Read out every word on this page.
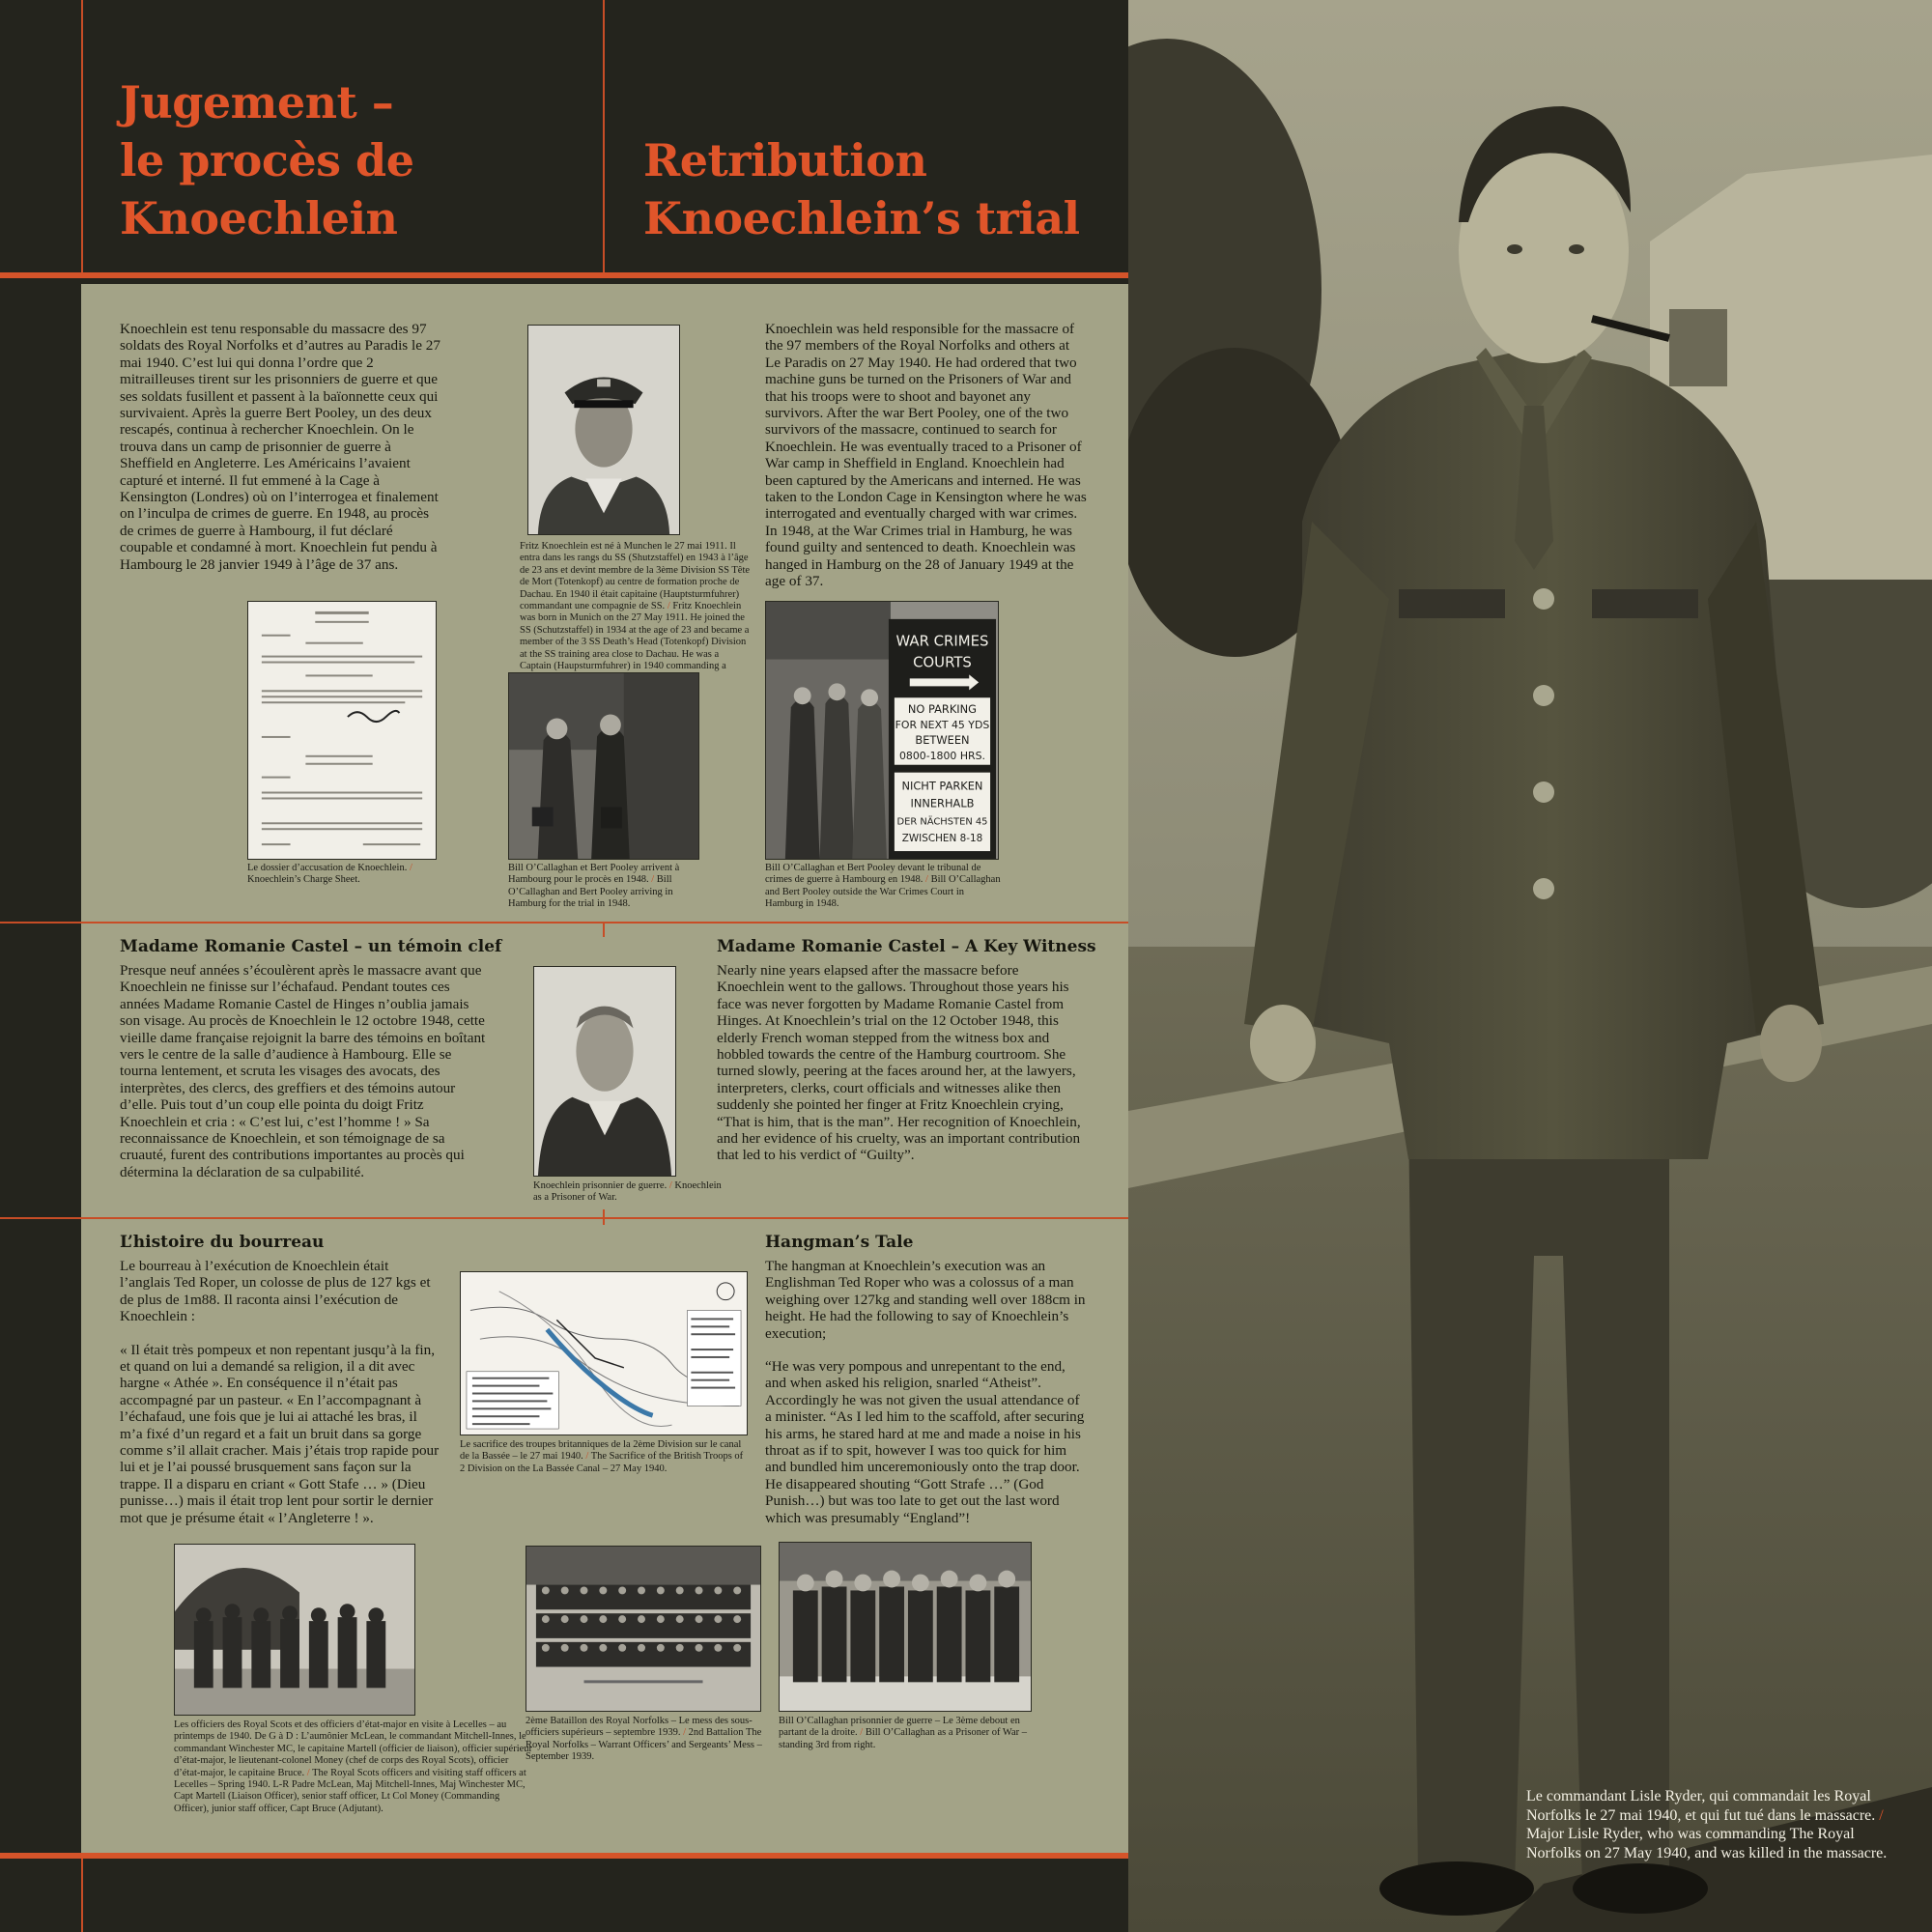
Jugement –
le procès de
Knoechlein
Retribution
Knoechlein’s trial
Knoechlein est tenu responsable du massacre des 97 soldats des Royal Norfolks et d’autres au Paradis le 27 mai 1940. C’est lui qui donna l’ordre que 2 mitrailleuses tirent sur les prisonniers de guerre et que ses soldats fusillent et passent à la baïonnette ceux qui survivaient. Après la guerre Bert Pooley, un des deux rescapés, continua à rechercher Knoechlein. On le trouva dans un camp de prisonnier de guerre à Sheffield en Angleterre. Les Américains l’avaient capturé et interné. Il fut emmené à la Cage à Kensington (Londres) où on l’interrogea et finalement on l’inculpa de crimes de guerre. En 1948, au procès de crimes de guerre à Hambourg, il fut déclaré coupable et condamné à mort. Knoechlein fut pendu à Hambourg le 28 janvier 1949 à l’âge de 37 ans.
Knoechlein was held responsible for the massacre of the 97 members of the Royal Norfolks and others at Le Paradis on 27 May 1940. He had ordered that two machine guns be turned on the Prisoners of War and that his troops were to shoot and bayonet any survivors. After the war Bert Pooley, one of the two survivors of the massacre, continued to search for Knoechlein. He was eventually traced to a Prisoner of War camp in Sheffield in England. Knoechlein had been captured by the Americans and interned. He was taken to the London Cage in Kensington where he was interrogated and eventually charged with war crimes. In 1948, at the War Crimes trial in Hamburg, he was found guilty and sentenced to death. Knoechlein was hanged in Hamburg on the 28 of January 1949 at the age of 37.
Fritz Knoechlein est né à Munchen le 27 mai 1911. Il entra dans les rangs du SS (Shutzstaffel) en 1943 à l’âge de 23 ans et devint membre de la 3ème Division SS Tête de Mort (Totenkopf) au centre de formation proche de Dachau. En 1940 il était capitaine (Hauptsturmfuhrer) commandant une compagnie de SS. / Fritz Knoechlein was born in Munich on the 27 May 1911. He joined the SS (Schutzstaffel) in 1934 at the age of 23 and became a member of the 3 SS Death’s Head (Totenkopf) Division at the SS training area close to Dachau. He was a Captain (Haupsturmfuhrer) in 1940 commanding a
Le dossier d’accusation de Knoechlein. / Knoechlein’s Charge Sheet.
Bill O’Callaghan et Bert Pooley arrivent à Hambourg pour le procès en 1948. / Bill O’Callaghan and Bert Pooley arriving in Hamburg for the trial in 1948.
WAR CRIMES
COURTS
NO PARKING
FOR NEXT 45 YDS
BETWEEN
0800-1800 HRS.
NICHT PARKEN
INNERHALB
DER NÄCHSTEN 45
ZWISCHEN 8-18
Bill O’Callaghan et Bert Pooley devant le tribunal de crimes de guerre à Hambourg en 1948. / Bill O’Callaghan and Bert Pooley outside the War Crimes Court in Hamburg in 1948.
Madame Romanie Castel – un témoin clef	Madame Romanie Castel – A Key Witness
Presque neuf années s’écoulèrent après le massacre avant que Knoechlein ne finisse sur l’échafaud. Pendant toutes ces années Madame Romanie Castel de Hinges n’oublia jamais son visage. Au procès de Knoechlein le 12 octobre 1948, cette vieille dame française rejoignit la barre des témoins en boîtant vers le centre de la salle d’audience à Hambourg. Elle se tourna lentement, et scruta les visages des avocats, des interprètes, des clercs, des greffiers et des témoins autour d’elle. Puis tout d’un coup elle pointa du doigt Fritz Knoechlein et cria : « C’est lui, c’est l’homme ! » Sa reconnaissance de Knoechlein, et son témoignage de sa cruauté, furent des contributions importantes au procès qui détermina la déclaration de sa culpabilité.
Nearly nine years elapsed after the massacre before Knoechlein went to the gallows. Throughout those years his face was never forgotten by Madame Romanie Castel from Hinges. At Knoechlein’s trial on the 12 October 1948, this elderly French woman stepped from the witness box and hobbled towards the centre of the Hamburg courtroom. She turned slowly, peering at the faces around her, at the lawyers, interpreters, clerks, court officials and witnesses alike then suddenly she pointed her finger at Fritz Knoechlein crying, “That is him, that is the man”. Her recognition of Knoechlein, and her evidence of his cruelty, was an important contribution that led to his verdict of “Guilty”.
Knoechlein prisonnier de guerre. / Knoechlein as a Prisoner of War.
L’histoire du bourreau	Hangman’s Tale

Le bourreau à l’exécution de Knoechlein était l’anglais Ted Roper, un colosse de plus de 127 kgs et de plus de 1m88. Il raconta ainsi l’exécution de Knoechlein :

« Il était très pompeux et non repentant jusqu’à la fin, et quand on lui a demandé sa religion, il a dit avec hargne « Athée ». En conséquence il n’était pas accompagné par un pasteur. « En l’accompagnant à l’échafaud, une fois que je lui ai attaché les bras, il m’a fixé d’un regard et a fait un bruit dans sa gorge comme s’il allait cracher. Mais j’étais trop rapide pour lui et je l’ai poussé brusquement sans façon sur la trappe. Il a disparu en criant « Gott Stafe … » (Dieu punisse…) mais il était trop lent pour sortir le dernier mot que je présume était « l’Angleterre ! ».

The hangman at Knoechlein’s execution was an Englishman Ted Roper who was a colossus of a man weighing over 127kg and standing well over 188cm in height. He had the following to say of Knoechlein’s execution;

“He was very pompous and unrepentant to the end, and when asked his religion, snarled “Atheist”. Accordingly he was not given the usual attendance of a minister. “As I led him to the scaffold, after securing his arms, he stared hard at me and made a noise in his throat as if to spit, however I was too quick for him and bundled him unceremoniously onto the trap door. He disappeared shouting “Gott Strafe …” (God Punish…) but was too late to get out the last word which was presumably “England”!

Le sacrifice des troupes britanniques de la 2ème Division sur le canal de la Bassée – le 27 mai 1940. / The Sacrifice of the British Troops of 2 Division on the La Bassée Canal – 27 May 1940.
Les officiers des Royal Scots et des officiers d’état-major en visite à Lecelles – au printemps de 1940. De G à D : L’aumônier McLean, le commandant Mitchell-Innes, le commandant Winchester MC, le capitaine Martell (officier de liaison), officier supérieur d’état-major, le lieutenant-colonel Money (chef de corps des Royal Scots), officier d’état-major, le capitaine Bruce. / The Royal Scots officers and visiting staff officers at Lecelles – Spring 1940. L-R Padre McLean, Maj Mitchell-Innes, Maj Winchester MC, Capt Martell (Liaison Officer), senior staff officer, Lt Col Money (Commanding Officer), junior staff officer, Capt Bruce (Adjutant).
2ème Bataillon des Royal Norfolks – Le mess des sous-officiers supérieurs – septembre 1939. / 2nd Battalion The Royal Norfolks – Warrant Officers’ and Sergeants’ Mess – September 1939.
Bill O’Callaghan prisonnier de guerre – Le 3ème debout en partant de la droite. / Bill O’Callaghan as a Prisoner of War – standing 3rd from right.
Le commandant Lisle Ryder, qui commandait les Royal Norfolks le 27 mai 1940, et qui fut tué dans le massacre. / Major Lisle Ryder, who was commanding The Royal Norfolks on 27 May 1940, and was killed in the massacre.
